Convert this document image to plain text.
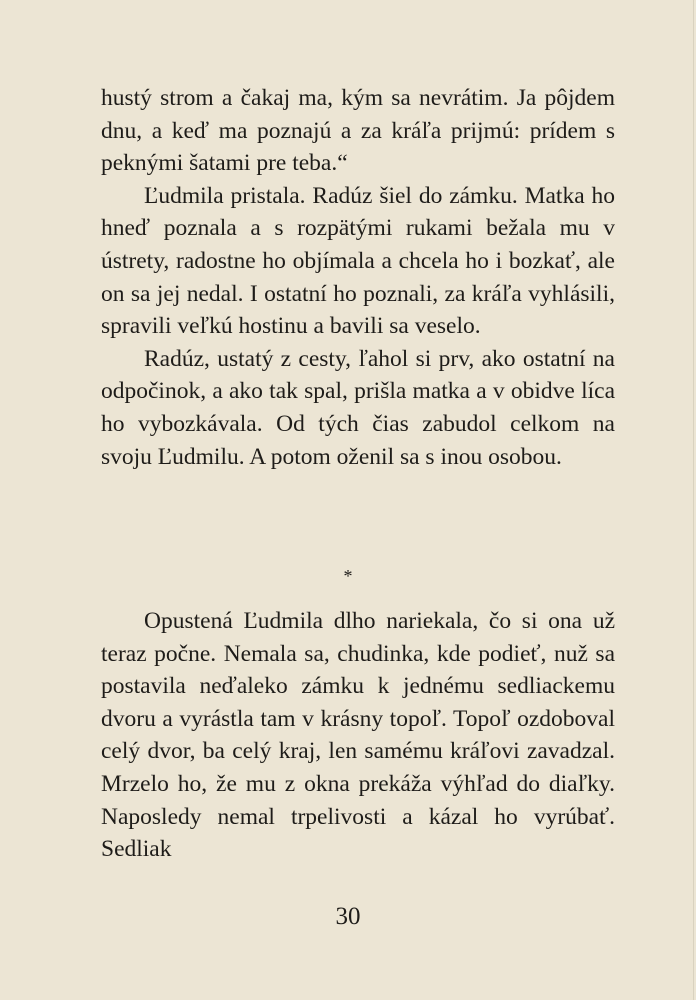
hustý strom a čakaj ma, kým sa nevrátim. Ja pôjdem dnu, a keď ma poznajú a za kráľa prijmú: prídem s peknými šatami pre teba.“

Ľudmila pristala. Radúz šiel do zámku. Matka ho hneď poznala a s rozpätými rukami bežala mu v ústrety, radostne ho objímala a chcela ho i bozkať, ale on sa jej nedal. I ostatní ho poznali, za kráľa vyhlásili, spravili veľkú hostinu a bavili sa veselo.

Radúz, ustatý z cesty, ľahol si prv, ako ostatní na odpočinok, a ako tak spal, prišla matka a v obidve líca ho vybozkávala. Od tých čias zabudol celkom na svoju Ľudmilu. A potom oženil sa s inou osobou.

*

Opustená Ľudmila dlho nariekala, čo si ona už teraz počne. Nemala sa, chudinka, kde podieť, nuž sa postavila neďaleko zámku k jednému sedliackemu dvoru a vyrástla tam v krásny topoľ. Topoľ ozdoboval celý dvor, ba celý kraj, len samému kráľovi zavadzal. Mrzelo ho, že mu z okna prekáža výhľad do diaľky. Naposledy nemal trpelivosti a kázal ho vyrúbať. Sedliak

30
